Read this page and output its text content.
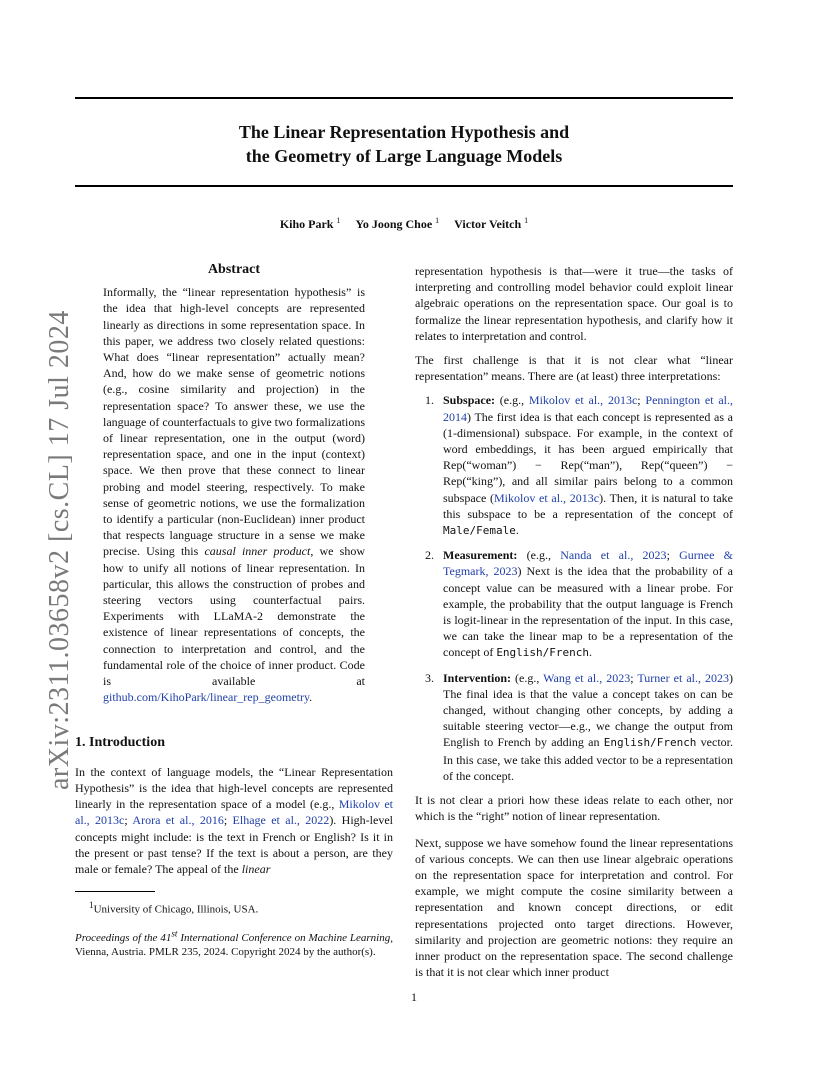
The Linear Representation Hypothesis and
the Geometry of Large Language Models
Kiho Park $^1$ Yo Joong Choe $^1$ Victor Veitch $^1$
arXiv:2311.03658v2 [cs.CL] 17 Jul 2024
Abstract
Informally, the “linear representation hypothesis” is the idea that high-level concepts are represented linearly as directions in some representation space. In this paper, we address two closely related questions: What does “linear representation” actually mean? And, how do we make sense of geometric notions (e.g., cosine similarity and projection) in the representation space? To answer these, we use the language of counterfactuals to give two formalizations of linear representation, one in the output (word) representation space, and one in the input (context) space. We then prove that these connect to linear probing and model steering, respectively. To make sense of geometric notions, we use the formalization to identify a particular (non-Euclidean) inner product that respects language structure in a sense we make precise. Using this causal inner product, we show how to unify all notions of linear representation. In particular, this allows the construction of probes and steering vectors using counterfactual pairs. Experiments with LLaMA-2 demonstrate the existence of linear representations of concepts, the connection to interpretation and control, and the fundamental role of the choice of inner product. Code is available at github.com/KihoPark/linear_rep_geometry.
1. Introduction

In the context of language models, the “Linear Representation Hypothesis” is the idea that high-level concepts are represented linearly in the representation space of a model (e.g., Mikolov et al., 2013c; Arora et al., 2016; Elhage et al., 2022). High-level concepts might include: is the text in French or English? Is it in the present or past tense? If the text is about a person, are they male or female? The appeal of the linear

$^1$University of Chicago, Illinois, USA.
Proceedings of the 41st International Conference on Machine Learning, Vienna, Austria. PMLR 235, 2024. Copyright 2024 by the author(s).

representation hypothesis is that—were it true—the tasks of interpreting and controlling model behavior could exploit linear algebraic operations on the representation space. Our goal is to formalize the linear representation hypothesis, and clarify how it relates to interpretation and control.

The first challenge is that it is not clear what “linear representation” means. There are (at least) three interpretations:

1. Subspace: (e.g., Mikolov et al., 2013c; Pennington et al., 2014) The first idea is that each concept is represented as a (1-dimensional) subspace. For example, in the context of word embeddings, it has been argued empirically that Rep(“woman”) − Rep(“man”), Rep(“queen”) − Rep(“king”), and all similar pairs belong to a common subspace (Mikolov et al., 2013c). Then, it is natural to take this subspace to be a representation of the concept of Male/Female.
2. Measurement: (e.g., Nanda et al., 2023; Gurnee & Tegmark, 2023) Next is the idea that the probability of a concept value can be measured with a linear probe. For example, the probability that the output language is French is logit-linear in the representation of the input. In this case, we can take the linear map to be a representation of the concept of English/French.
3. Intervention: (e.g., Wang et al., 2023; Turner et al., 2023) The final idea is that the value a concept takes on can be changed, without changing other concepts, by adding a suitable steering vector—e.g., we change the output from English to French by adding an English/French vector. In this case, we take this added vector to be a representation of the concept.

It is not clear a priori how these ideas relate to each other, nor which is the “right” notion of linear representation.

Next, suppose we have somehow found the linear representations of various concepts. We can then use linear algebraic operations on the representation space for interpretation and control. For example, we might compute the cosine similarity between a representation and known concept directions, or edit representations projected onto target directions. However, similarity and projection are geometric notions: they require an inner product on the representation space. The second challenge is that it is not clear which inner product

1
